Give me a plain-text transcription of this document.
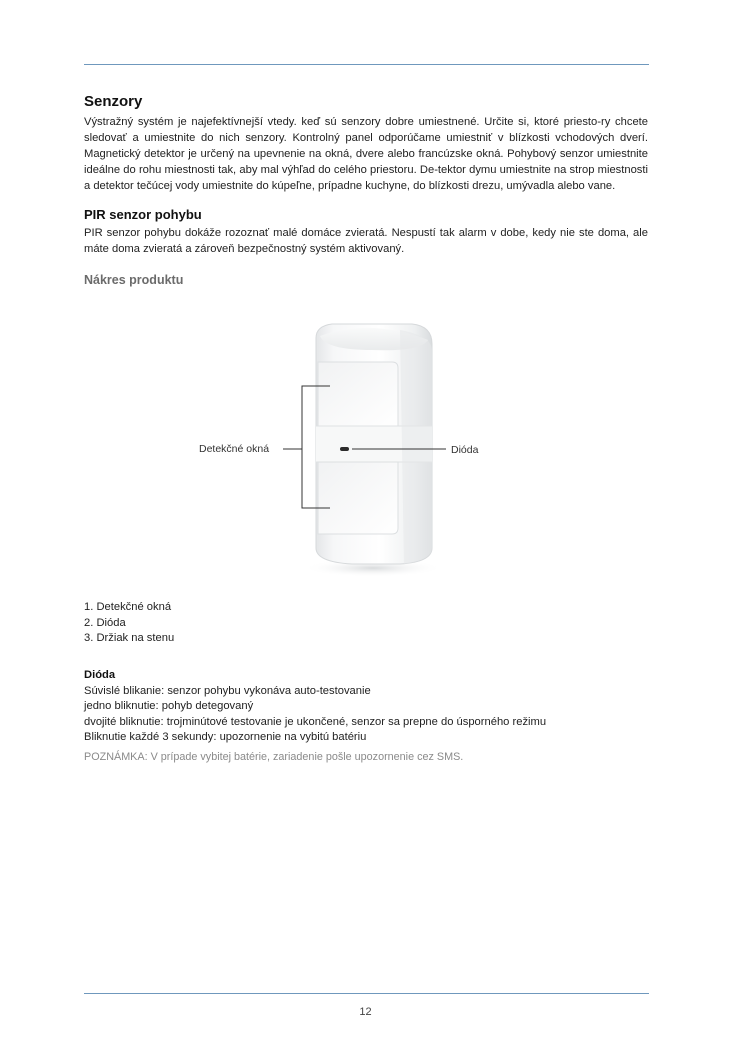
Senzory

Výstražný systém je najefektívnejší vtedy. keď sú senzory dobre umiestnené. Určite si, ktoré priesto-ry chcete sledovať a umiestnite do nich senzory. Kontrolný panel odporúčame umiestniť v blízkosti vchodových dverí. Magnetický detektor je určený na upevnenie na okná, dvere alebo francúzske okná. Pohybový senzor umiestnite ideálne do rohu miestnosti tak, aby mal výhľad do celého priestoru. De-tektor dymu umiestnite na strop miestnosti a detektor tečúcej vody umiestnite do kúpeľne, prípadne kuchyne, do blízkosti drezu, umývadla alebo vane.

PIR senzor pohybu

PIR senzor pohybu dokáže rozoznať malé domáce zvieratá. Nespustí tak alarm v dobe, kedy nie ste doma, ale máte doma zvieratá a zároveň bezpečnostný systém aktivovaný.

Nákres produktu
Detekčné okná	Dióda
1. Detekčné okná
2. Dióda
3. Držiak na stenu
Dióda
Súvislé blikanie: senzor pohybu vykonáva auto-testovanie
jedno bliknutie: pohyb detegovaný
dvojité bliknutie: trojminútové testovanie je ukončené, senzor sa prepne do úsporného režimu
Bliknutie každé 3 sekundy: upozornenie na vybitú batériu
POZNÁMKA: V prípade vybitej batérie, zariadenie pošle upozornenie cez SMS.
12
